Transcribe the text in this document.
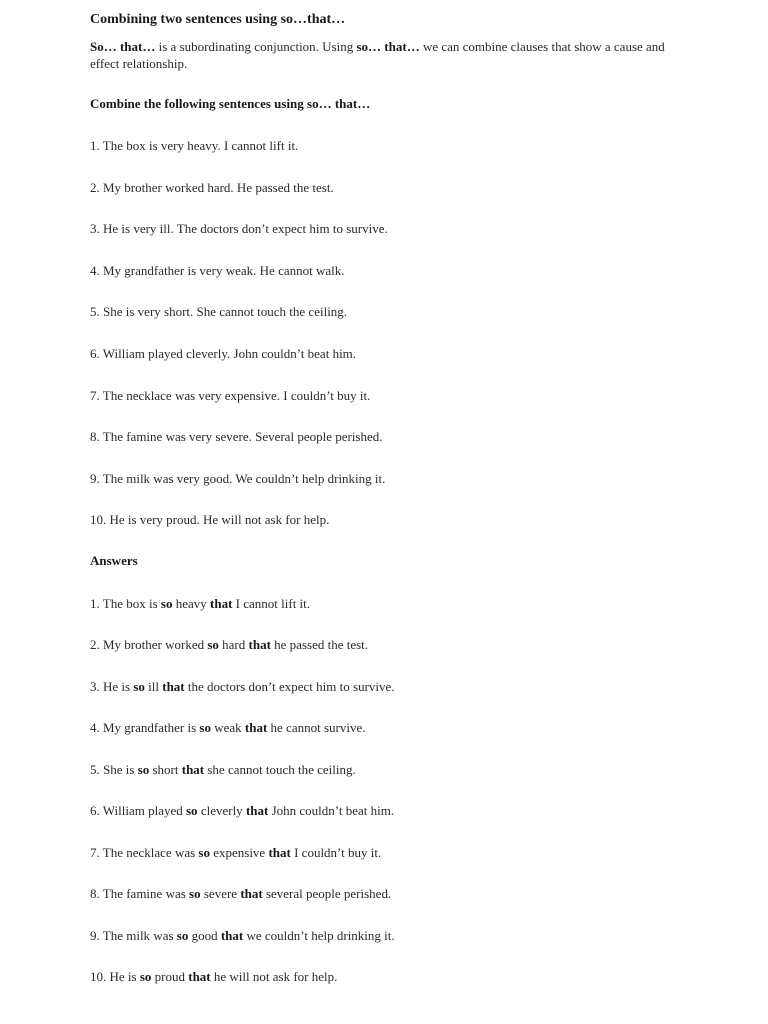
Combining two sentences using so…that…

So… that… is a subordinating conjunction. Using so… that… we can combine clauses that show a cause and effect relationship.

Combine the following sentences using so… that…

1. The box is very heavy. I cannot lift it.

2. My brother worked hard. He passed the test.

3. He is very ill. The doctors don’t expect him to survive.

4. My grandfather is very weak. He cannot walk.

5. She is very short. She cannot touch the ceiling.

6. William played cleverly. John couldn’t beat him.

7. The necklace was very expensive. I couldn’t buy it.

8. The famine was very severe. Several people perished.

9. The milk was very good. We couldn’t help drinking it.

10. He is very proud. He will not ask for help.

Answers

1. The box is so heavy that I cannot lift it.

2. My brother worked so hard that he passed the test.

3. He is so ill that the doctors don’t expect him to survive.

4. My grandfather is so weak that he cannot survive.

5. She is so short that she cannot touch the ceiling.

6. William played so cleverly that John couldn’t beat him.

7. The necklace was so expensive that I couldn’t buy it.

8. The famine was so severe that several people perished.

9. The milk was so good that we couldn’t help drinking it.

10. He is so proud that he will not ask for help.
